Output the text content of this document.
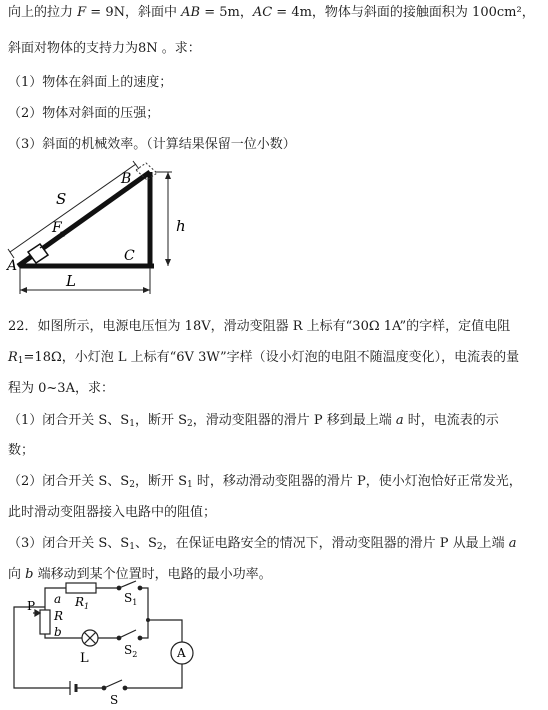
向上的拉力 F = 9N，斜面中 AB = 5m，AC = 4m，物体与斜面的接触面积为 100cm²，
斜面对物体的支持力为8N 。求：
（1）物体在斜面上的速度；
（2）物体对斜面的压强；
（3）斜面的机械效率。（计算结果保留一位小数）
S
F
B
h
A
C
L
22．如图所示，电源电压恒为 18V，滑动变阻器 R 上标有“30Ω 1A”的字样，定值电阻
$R_1=18\Omega$，小灯泡 L 上标有“6V 3W”字样（设小灯泡的电阻不随温度变化），电流表的量
程为 0~3A，求：
（1）闭合开关 S、$S_1$，断开 $S_2$，滑动变阻器的滑片 P 移到最上端 a 时，电流表的示
数；
（2）闭合开关 S、$S_2$，断开 $S_1$ 时，移动滑动变阻器的滑片 P，使小灯泡恰好正常发光，
此时滑动变阻器接入电路中的阻值；
（3）闭合开关 S、$S_1$、$S_2$，在保证电路安全的情况下，滑动变阻器的滑片 P 从最上端 a
向 b 端移动到某个位置时，电路的最小功率。
P a
R
b
$R_1$
$S_1$
L
$S_2$	A
S
